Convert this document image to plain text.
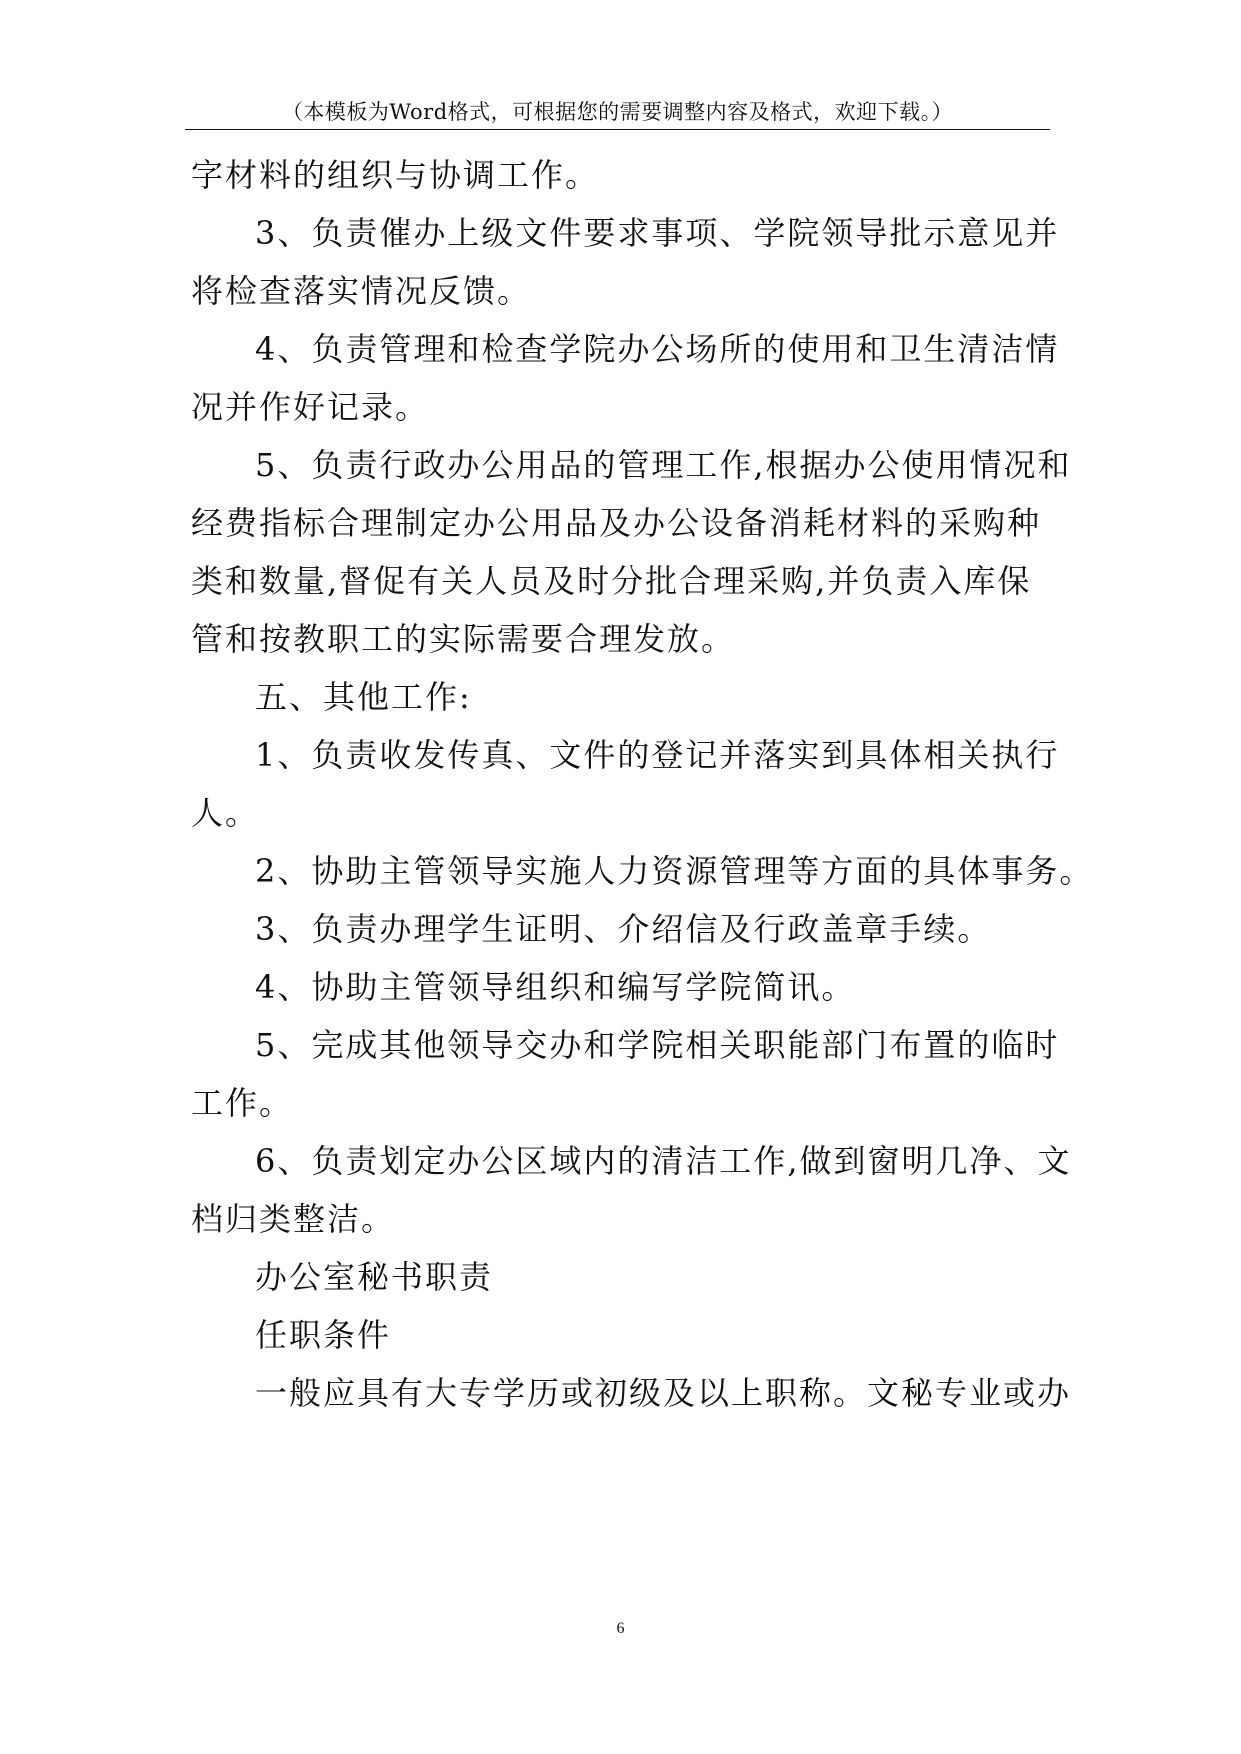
（本模板为Word格式，可根据您的需要调整内容及格式，欢迎下载。）
字材料的组织与协调工作。
3、负责催办上级文件要求事项、学院领导批示意见并
将检查落实情况反馈。
4、负责管理和检查学院办公场所的使用和卫生清洁情
况并作好记录。
5、负责行政办公用品的管理工作,根据办公使用情况和
经费指标合理制定办公用品及办公设备消耗材料的采购种
类和数量,督促有关人员及时分批合理采购,并负责入库保
管和按教职工的实际需要合理发放。
五、其他工作:
1、负责收发传真、文件的登记并落实到具体相关执行
人。
2、协助主管领导实施人力资源管理等方面的具体事务。
3、负责办理学生证明、介绍信及行政盖章手续。
4、协助主管领导组织和编写学院简讯。
5、完成其他领导交办和学院相关职能部门布置的临时
工作。
6、负责划定办公区域内的清洁工作,做到窗明几净、文
档归类整洁。
办公室秘书职责
任职条件
一般应具有大专学历或初级及以上职称。文秘专业或办
6
